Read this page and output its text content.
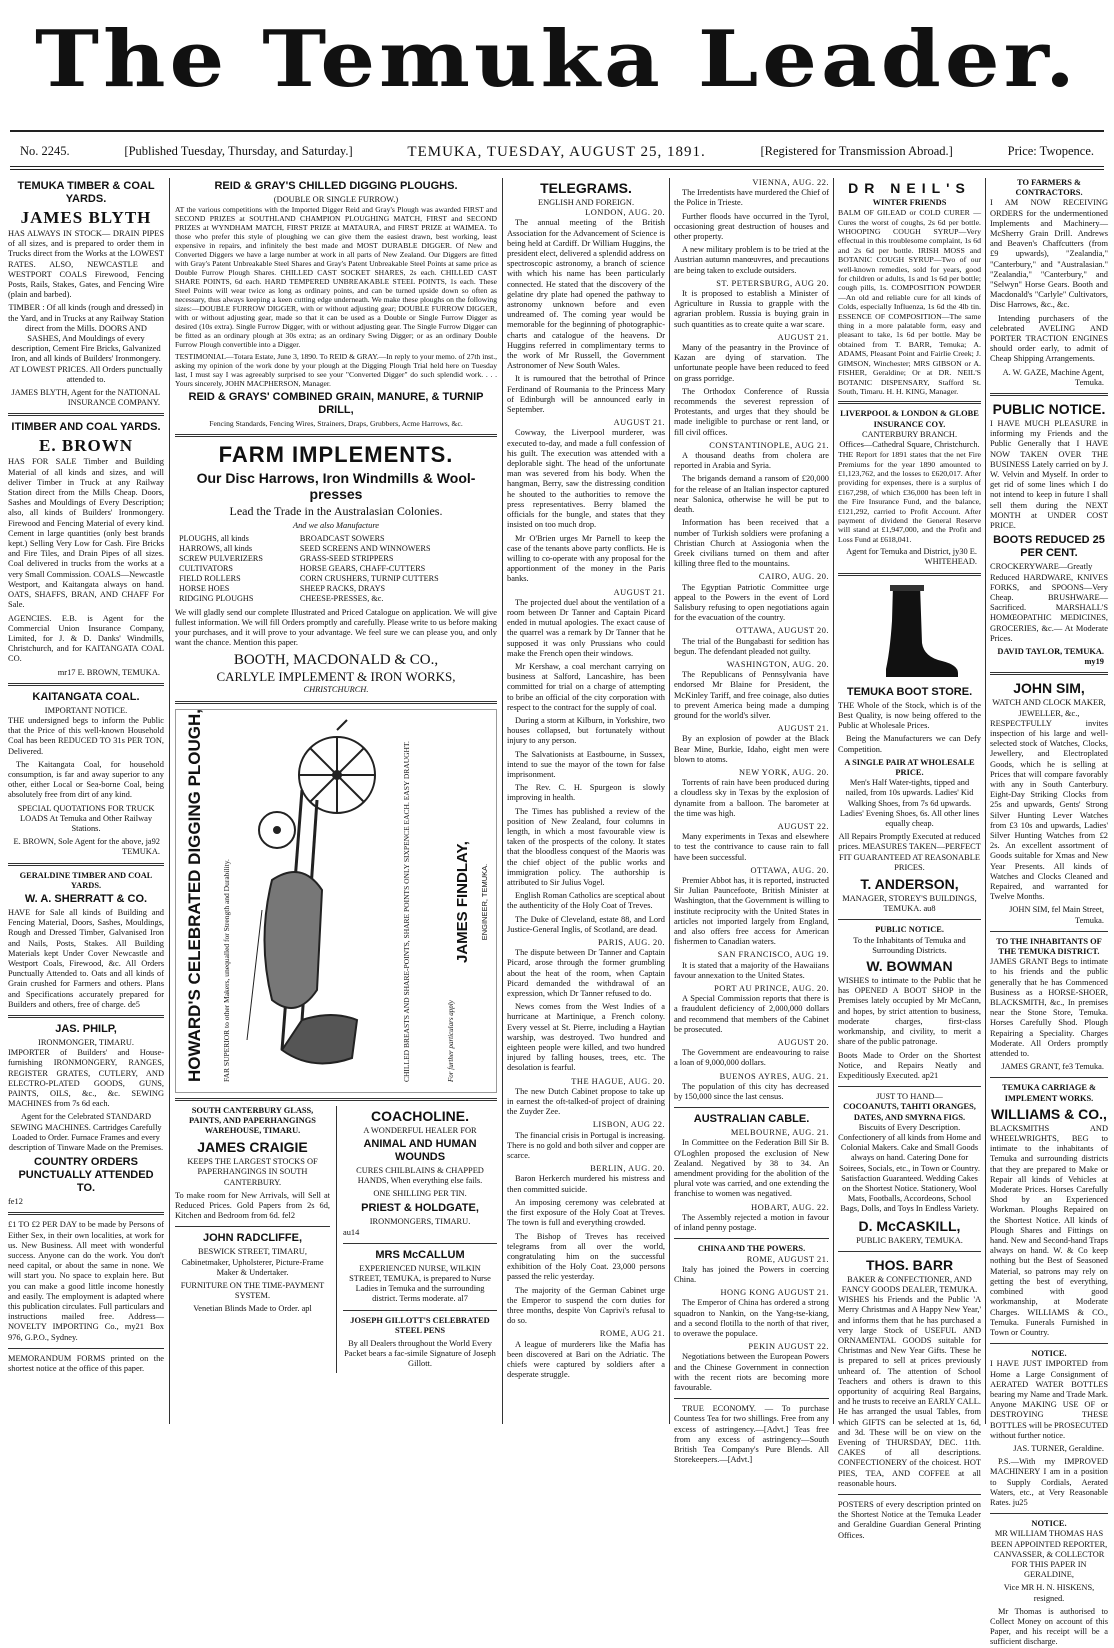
The Temuka Leader.
No. 2245.	[Published Tuesday, Thursday, and Saturday.]	TEMUKA, TUESDAY, AUGUST 25, 1891.	[Registered for Transmission Abroad.]	Price: Twopence.
TEMUKA TIMBER & COAL YARDS.
JAMES BLYTH
HAS ALWAYS IN STOCK— DRAIN PIPES of all sizes, and is prepared to order them in Trucks direct from the Works at the LOWEST RATES. ALSO, NEWCASTLE and WESTPORT COALS Firewood, Fencing Posts, Rails, Stakes, Gates, and Fencing Wire (plain and barbed).
TIMBER : Of all kinds (rough and dressed) in the Yard, and in Trucks at any Railway Station direct from the Mills. DOORS AND SASHES, And Mouldings of every description, Cement Fire Bricks, Galvanized Iron, and all kinds of Builders' Ironmongery. AT LOWEST PRICES. All Orders punctually attended to.
JAMES BLYTH, Agent for the NATIONAL INSURANCE COMPANY.
ITIMBER AND COAL YARDS.
E. BROWN
HAS FOR SALE Timber and Building Material of all kinds and sizes, and will deliver Timber in Truck at any Railway Station direct from the Mills Cheap. Doors, Sashes and Mouldings of Every Description; also, all kinds of Builders' Ironmongery. Firewood and Fencing Material of every kind. Cement in large quantities (only best brands kept.) Selling Very Low for Cash. Fire Bricks and Fire Tiles, and Drain Pipes of all sizes. Coal delivered in trucks from the works at a very Small Commission. COALS—Newcastle Westport, and Kaitangata always on hand. OATS, SHAFFS, BRAN, AND CHAFF For Sale.
AGENCIES. E.B. is Agent for the Commercial Union Insurance Company, Limited, for J. & D. Danks' Windmills, Christchurch, and for KAITANGATA COAL CO.
mr17 E. BROWN, TEMUKA.
KAITANGATA COAL.
IMPORTANT NOTICE.
THE undersigned begs to inform the Public that the Price of this well-known Household Coal has been REDUCED TO 31s PER TON, Delivered.
The Kaitangata Coal, for household consumption, is far and away superior to any other, either Local or Sea-borne Coal, being absolutely free from dirt of any kind.
SPECIAL QUOTATIONS FOR TRUCK LOADS At Temuka and Other Railway Stations.
E. BROWN, Sole Agent for the above, ja92 TEMUKA.
GERALDINE TIMBER AND COAL YARDS.
W. A. SHERRATT & CO.
HAVE for Sale all kinds of Building and Fencing Material, Doors, Sashes, Mouldings, Rough and Dressed Timber, Galvanised Iron and Nails, Posts, Stakes. All Building Materials kept Under Cover Newcastle and Westport Coals, Firewood, &c. All Orders Punctually Attended to. Oats and all kinds of Grain crushed for Farmers and others. Plans and Specifications accurately prepared for Builders and others, free of charge. de5
JAS. PHILP,
IRONMONGER, TIMARU.
IMPORTER of Builders' and House-furnishing IRONMONGERY, RANGES, REGISTER GRATES, CUTLERY, AND ELECTRO-PLATED GOODS, GUNS, PAINTS, OILS, &c., &c. SEWING MACHINES from 7s 6d each.
Agent for the Celebrated STANDARD SEWING MACHINES. Cartridges Carefully Loaded to Order. Furnace Frames and every description of Tinware Made on the Premises.
COUNTRY ORDERS PUNCTUALLY ATTENDED TO.
fe12
£1 TO £2 PER DAY to be made by Persons of Either Sex, in their own localities, at work for us. New Business. All meet with wonderful success. Anyone can do the work. You don't need capital, or about the same in none. We will start you. No space to explain here. But you can make a good little income honestly and easily. The employment is adapted where this publication circulates. Full particulars and instructions mailed free. Address—NOVELTY IMPORTING Co., my21 Box 976, G.P.O., Sydney.
MEMORANDUM FORMS printed on the shortest notice at the office of this paper.
REID & GRAY'S CHILLED DIGGING PLOUGHS.
(DOUBLE OR SINGLE FURROW.)
AT the various competitions with the Imported Digger Reid and Gray's Plough was awarded FIRST and SECOND PRIZES at SOUTHLAND CHAMPION PLOUGHING MATCH, FIRST and SECOND PRIZES at WYNDHAM MATCH, FIRST PRIZE at MATAURA, and FIRST PRIZE at WAIMEA. To those who prefer this style of ploughing we can give them the easiest drawn, best working, least expensive in repairs, and infinitely the best made and MOST DURABLE DIGGER. Of New and Converted Diggers we have a large number at work in all parts of New Zealand. Our Diggers are fitted with Gray's Patent Unbreakable Steel Shares and Gray's Patent Unbreakable Steel Points at same price as Double Furrow Plough Shares. CHILLED CAST SOCKET SHARES, 2s each. CHILLED CAST SHARE POINTS, 6d each. HARD TEMPERED UNBREAKABLE STEEL POINTS, 1s each. These Steel Points will wear twice as long as ordinary points, and can be turned upside down so often as necessary, thus always keeping a keen cutting edge underneath. We make these ploughs on the following sizes:—DOUBLE FURROW DIGGER, with or without adjusting gear; DOUBLE FURROW DIGGER, with or without adjusting gear, made so that it can be used as a Double or Single Furrow Digger as desired (10s extra). Single Furrow Digger, with or without adjusting gear. The Single Furrow Digger can be fitted as an ordinary plough at 30s extra; as an ordinary Swing Digger; or as an ordinary Double Furrow Plough convertible into a Digger.
TESTIMONIAL—Totara Estate, June 3, 1890. To REID & GRAY.—In reply to your memo. of 27th inst., asking my opinion of the work done by your plough at the Digging Plough Trial held here on Tuesday last, I must say I was agreeably surprised to see your "Converted Digger" do such splendid work. . . . Yours sincerely, JOHN MACPHERSON, Manager.
REID & GRAYS' COMBINED GRAIN, MANURE, & TURNIP DRILL,
Fencing Standards, Fencing Wires, Strainers, Draps, Grubbers, Acme Harrows, &c.
FARM IMPLEMENTS.
Our Disc Harrows, Iron Windmills & Wool-presses
Lead the Trade in the Australasian Colonies.
And we also Manufacture
PLOUGHS, all kinds
HARROWS, all kinds
SCREW PULVERIZERS
CULTIVATORS
FIELD ROLLERS
HORSE HOES
RIDGING PLOUGHS

BROADCAST SOWERS
SEED SCREENS AND WINNOWERS
GRASS-SEED STRIPPERS
HORSE GEARS, CHAFF-CUTTERS
CORN CRUSHERS, TURNIP CUTTERS
SHEEP RACKS, DRAYS
CHEESE-PRESSES, &c.
We will gladly send our complete Illustrated and Priced Catalogue on application. We will give fullest information. We will fill Orders promptly and carefully. Please write to us before making your purchases, and it will prove to your advantage. We feel sure we can please you, and only want the chance. Mention this paper.
BOOTH, MACDONALD & CO.,
CARLYLE IMPLEMENT & IRON WORKS,
CHRISTCHURCH.
HOWARD'S CELEBRATED DIGGING PLOUGH, FAR SUPERIOR to other Makers, unequalled for Strength and Durability.	CHILLED BREASTS AND SHARE-POINTS, SHARE POINTS ONLY SIXPENCE EACH. EASY DRAUGHT.	For further particulars apply
JAMES FINDLAY, ENGINEER, TEMUKA.
SOUTH CANTERBURY GLASS, PAINTS, AND PAPERHANGINGS WAREHOUSE, TIMARU.
JAMES CRAIGIE
KEEPS THE LARGEST STOCKS OF PAPERHANGINGS IN SOUTH CANTERBURY.
To make room for New Arrivals, will Sell at Reduced Prices. Gold Papers from 2s 6d, Kitchen and Bedroom from 6d. fel2
JOHN RADCLIFFE,
BESWICK STREET, TIMARU,
Cabinetmaker, Upholsterer, Picture-Frame Maker & Undertaker.
FURNITURE ON THE TIME-PAYMENT SYSTEM.
Venetian Blinds Made to Order. apl
COACHOLINE.
A WONDERFUL HEALER FOR
ANIMAL AND HUMAN WOUNDS
CURES CHILBLAINS & CHAPPED HANDS, When everything else fails.
ONE SHILLING PER TIN.
PRIEST & HOLDGATE,
IRONMONGERS, TIMARU.
au14
MRS McCALLUM
EXPERIENCED NURSE, WILKIN STREET, TEMUKA, is prepared to Nurse Ladies in Temuka and the surrounding district. Terms moderate. al7
JOSEPH GILLOTT'S CELEBRATED STEEL PENS
By all Dealers throughout the World Every Packet bears a fac-simile Signature of Joseph Gillott.
TELEGRAMS.
ENGLISH AND FOREIGN.
LONDON, AUG. 20.
The annual meeting of the British Association for the Advancement of Science is being held at Cardiff. Dr William Huggins, the president elect, delivered a splendid address on spectroscopic astronomy, a branch of science with which his name has been particularly connected. He stated that the discovery of the gelatine dry plate had opened the pathway to astronomy unknown before and even undreamed of. The coming year would be memorable for the beginning of photographic-charts and catalogue of the heavens. Dr Huggins referred in complimentary terms to the work of Mr Russell, the Government Astronomer of New South Wales.
It is rumoured that the betrothal of Prince Ferdinand of Roumania to the Princess Mary of Edinburgh will be announced early in September.
AUGUST 21.
Cowway, the Liverpool murderer, was executed to-day, and made a full confession of his guilt. The execution was attended with a deplorable sight. The head of the unfortunate man was severed from his body. When the hangman, Berry, saw the distressing condition he shouted to the authorities to remove the press representatives. Berry blamed the officials for the bungle, and states that they insisted on too much drop.
Mr O'Brien urges Mr Parnell to keep the case of the tenants above party conflicts. He is willing to co-operate with any proposal for the apportionment of the money in the Paris banks.
AUGUST 21.
The projected duel about the ventilation of a room between Dr Tanner and Captain Picard ended in mutual apologies. The exact cause of the quarrel was a remark by Dr Tanner that he supposed it was only Prussians who could make the French open their windows.
Mr Kershaw, a coal merchant carrying on business at Salford, Lancashire, has been committed for trial on a charge of attempting to bribe an official of the city corporation with respect to the contract for the supply of coal.
During a storm at Kilburn, in Yorkshire, two houses collapsed, but fortunately without injury to any person.
The Salvationists at Eastbourne, in Sussex, intend to sue the mayor of the town for false imprisonment.
The Rev. C. H. Spurgeon is slowly improving in health.
The Times has published a review of the position of New Zealand, four columns in length, in which a most favourable view is taken of the prospects of the colony. It states that the bloodless conquest of the Maoris was the chief object of the public works and immigration policy. The authorship is attributed to Sir Julius Vogel.
English Roman Catholics are sceptical about the authenticity of the Holy Coat of Treves.
The Duke of Cleveland, estate 88, and Lord Justice-General Inglis, of Scotland, are dead.
PARIS, AUG. 20.
The dispute between Dr Tanner and Captain Picard, arose through the former grumbling about the heat of the room, when Captain Picard demanded the withdrawal of an expression, which Dr Tanner refused to do.
News comes from the West Indies of a hurricane at Martinique, a French colony. Every vessel at St. Pierre, including a Haytian warship, was destroyed. Two hundred and eighteen people were killed, and two hundred injured by falling houses, trees, etc. The desolation is fearful.
THE HAGUE, AUG. 20.
The new Dutch Cabinet propose to take up in earnest the oft-talked-of project of draining the Zuyder Zee.
LISBON, AUG 22.
The financial crisis in Portugal is increasing. There is no gold and both silver and copper are scarce.
BERLIN, AUG. 20.
Baron Herkerch murdered his mistress and then committed suicide.
An imposing ceremony was celebrated at the first exposure of the Holy Coat at Treves. The town is full and everything crowded.
The Bishop of Treves has received telegrams from all over the world, congratulating him on the successful exhibition of the Holy Coat. 23,000 persons passed the relic yesterday.
The majority of the German Cabinet urge the Emperor to suspend the corn duties for three months, despite Von Caprivi's refusal to do so.
ROME, AUG 21.
A league of murderers like the Mafia has been discovered at Bari on the Adriatic. The chiefs were captured by soldiers after a desperate struggle.
VIENNA, AUG. 22.
The Irredentists have murdered the Chief of the Police in Trieste.
Further floods have occurred in the Tyrol, occasioning great destruction of houses and other property.
A new military problem is to be tried at the Austrian autumn manœuvres, and precautions are being taken to exclude outsiders.
ST. PETERSBURG, AUG 20.
It is proposed to establish a Minister of Agriculture in Russia to grapple with the agrarian problem. Russia is buying grain in such quantities as to create quite a war scare.
AUGUST 21.
Many of the peasantry in the Province of Kazan are dying of starvation. The unfortunate people have been reduced to feed on grass porridge.
The Orthodox Conference of Russia recommends the severest repression of Protestants, and urges that they should be made ineligible to purchase or rent land, or fill civil offices.
CONSTANTINOPLE, AUG 21.
A thousand deaths from cholera are reported in Arabia and Syria.
The brigands demand a ransom of £20,000 for the release of an Italian inspector captured near Salonica, otherwise he will be put to death.
Information has been received that a number of Turkish soldiers were profaning a Christian Church at Assiogonia when the Greek civilians turned on them and after killing three fled to the mountains.
CAIRO, AUG. 20.
The Egyptian Patriotic Committee urge appeal to the Powers in the event of Lord Salisbury refusing to open negotiations again for the evacuation of the country.
OTTAWA, AUGUST 20.
The trial of the Bungabasti for sedition has begun. The defendant pleaded not guilty.
WASHINGTON, AUG. 20.
The Republicans of Pennsylvania have endorsed Mr Blaine for President, the McKinley Tariff, and free coinage, also duties to prevent America being made a dumping ground for the world's silver.
AUGUST 21.
By an explosion of powder at the Black Bear Mine, Burkie, Idaho, eight men were blown to atoms.
NEW YORK, AUG. 20.
Torrents of rain have been produced during a cloudless sky in Texas by the explosion of dynamite from a balloon. The barometer at the time was high.
AUGUST 22.
Many experiments in Texas and elsewhere to test the contrivance to cause rain to fall have been successful.
OTTAWA, AUG. 20.
Premier Abbot has, it is reported, instructed Sir Julian Pauncefoote, British Minister at Washington, that the Government is willing to institute reciprocity with the United States in articles not imported largely from England, and also offers free access for American fishermen to Canadian waters.
SAN FRANCISCO, AUG 19.
It is stated that a majority of the Hawaiians favour annexation to the United States.
PORT AU PRINCE, AUG. 20.
A Special Commission reports that there is a fraudulent deficiency of 2,000,000 dollars and recommend that members of the Cabinet be prosecuted.
AUGUST 20.
The Government are endeavouring to raise a loan of 9,000,000 dollars.
BUENOS AYRES, AUG. 21.
The population of this city has decreased by 150,000 since the last census.
AUSTRALIAN CABLE.
MELBOURNE, AUG. 21.
In Committee on the Federation Bill Sir B. O'Loghlen proposed the exclusion of New Zealand. Negatived by 38 to 34. An amendment providing for the abolition of the plural vote was carried, and one extending the franchise to women was negatived.
HOBART, AUG. 22.
The Assembly rejected a motion in favour of inland penny postage.
CHINA AND THE POWERS.
ROME, AUGUST 21.
Italy has joined the Powers in coercing China.
HONG KONG AUGUST 21.
The Emperor of China has ordered a strong squadron to Nankin, on the Yang-tse-kiang, and a second flotilla to the north of that river, to overawe the populace.
PEKIN AUGUST 22.
Negotiations between the European Powers and the Chinese Government in connection with the recent riots are becoming more favourable.
TRUE ECONOMY. — To purchase Countess Tea for two shillings. Free from any excess of astringency.—[Advt.] Teas free from any excess of astringency—South British Tea Company's Pure Blends. All Storekeepers.—[Advt.]
DR NEIL'S
WINTER FRIENDS
BALM OF GILEAD or COLD CURER —Cures the worst of coughs, 2s 6d per bottle. WHOOPING COUGH SYRUP—Very effectual in this troublesome complaint, 1s 6d and 2s 6d per bottle. IRISH MOSS and BOTANIC COUGH SYRUP—Two of our well-known remedies, sold for years, good for children or adults, 1s and 1s 6d per bottle; cough pills, 1s. COMPOSITION POWDER—An old and reliable cure for all kinds of Colds, especially Influenza, 1s 6d the 4lb tin. ESSENCE OF COMPOSITION—The same thing in a more palatable form, easy and pleasant to take, 1s 6d per bottle. May be obtained from T. BARR, Temuka; A. ADAMS, Pleasant Point and Fairlie Creek; J. GIMSON, Winchester; MRS GIBSON or A. FISHER, Geraldine; Or at DR. NEIL'S BOTANIC DISPENSARY, Stafford St. South, Timaru. H. H. KING, Manager.
LIVERPOOL & LONDON & GLOBE INSURANCE COY.
CANTERBURY BRANCH.
Offices—Cathedral Square, Christchurch.
THE Report for 1891 states that the net Fire Premiums for the year 1890 amounted to £1,123,762, and the losses to £620,017. After providing for expenses, there is a surplus of £167,298, of which £36,000 has been left in the Fire Insurance Fund, and the balance, £121,292, carried to Profit Account. After payment of dividend the General Reserve will stand at £1,947,000, and the Profit and Loss Fund at £618,041.
Agent for Temuka and District, jy30 E. WHITEHEAD.
TEMUKA BOOT STORE.
THE Whole of the Stock, which is of the Best Quality, is now being offered to the Public at Wholesale Prices.
Being the Manufacturers we can Defy Competition.
A SINGLE PAIR AT WHOLESALE PRICE.
Men's Half Water-tights, tipped and nailed, from 10s upwards. Ladies' Kid Walking Shoes, from 7s 6d upwards. Ladies' Evening Shoes, 6s. All other lines equally cheap.
All Repairs Promptly Executed at reduced prices. MEASURES TAKEN—PERFECT FIT GUARANTEED AT REASONABLE PRICES.
T. ANDERSON,
MANAGER, STOREY'S BUILDINGS, TEMUKA. au8
PUBLIC NOTICE.
To the Inhabitants of Temuka and Surrounding Districts.
W. BOWMAN
WISHES to intimate to the Public that he has OPENED A BOOT SHOP in the Premises lately occupied by Mr McCann, and hopes, by strict attention to business, moderate charges, first-class workmanship, and civility, to merit a share of the public patronage.
Boots Made to Order on the Shortest Notice, and Repairs Neatly and Expeditiously Executed. ap21
JUST TO HAND—
COCOANUTS, TAHITI ORANGES, DATES, AND SMYRNA FIGS.
Biscuits of Every Description. Confectionery of all kinds from Home and Colonial Makers. Cake and Small Goods always on hand. Catering Done for Soirees, Socials, etc., in Town or Country. Satisfaction Guaranteed. Wedding Cakes on the Shortest Notice. Stationery, Wool Mats, Footballs, Accordeons, School Bags, Dolls, and Toys In Endless Variety.
D. McCASKILL,
PUBLIC BAKERY, TEMUKA.
THOS. BARR
BAKER & CONFECTIONER, AND FANCY GOODS DEALER, TEMUKA.
WISHES his Friends and the Public 'A Merry Christmas and A Happy New Year,' and informs them that he has purchased a very large Stock of USEFUL AND ORNAMENTAL GOODS suitable for Christmas and New Year Gifts. These he is prepared to sell at prices previously unheard of. The attention of School Teachers and others is drawn to this opportunity of acquiring Real Bargains, and he trusts to receive an EARLY CALL. He has arranged the usual Tables, from which GIFTS can be selected at 1s, 6d, and 3d. These will be on view on the Evening of THURSDAY, DEC. 11th. CAKES of all descriptions. CONFECTIONERY of the choicest. HOT PIES, TEA, AND COFFEE at all reasonable hours.
POSTERS of every description printed on the Shortest Notice at the Temuka Leader and Geraldine Guardian General Printing Offices.
TO FARMERS & CONTRACTORS.
I AM NOW RECEIVING ORDERS for the undermentioned Implements and Machinery— McSherry Grain Drill. Andrews and Beaven's Chaffcutters (from £9 upwards), "Zealandia," "Canterbury," and "Australasian." "Zealandia," "Canterbury," and "Selwyn" Horse Gears. Booth and Macdonald's "Carlyle" Cultivators, Disc Harrows, &c., &c.
Intending purchasers of the celebrated AVELING AND PORTER TRACTION ENGINES should order early, to admit of Cheap Shipping Arrangements.
A. W. GAZE, Machine Agent, Temuka.
PUBLIC NOTICE.
I HAVE MUCH PLEASURE in informing my Friends and the Public Generally that I HAVE NOW TAKEN OVER THE BUSINESS Lately carried on by J. W. Velvin and Myself. In order to get rid of some lines which I do not intend to keep in future I shall sell them during the NEXT MONTH at UNDER COST PRICE.
BOOTS REDUCED 25 PER CENT.
CROCKERYWARE—Greatly Reduced HARDWARE, KNIVES FORKS, and SPOONS—Very Cheap. BRUSHWARE—Sacrificed. MARSHALL'S HOMŒOPATHIC MEDICINES, GROCERIES, &c.— At Moderate Prices.
DAVID TAYLOR, TEMUKA. my19
JOHN SIM,
WATCH AND CLOCK MAKER, JEWELLER, &c.,
RESPECTFULLY invites inspection of his large and well-selected stock of Watches, Clocks, Jewellery, and Electroplated Goods, which he is selling at Prices that will compare favorably with any in South Canterbury. Eight-Day Striking Clocks from 25s and upwards, Gents' Strong Silver Hunting Lever Watches from £3 10s and upwards, Ladies' Silver Hunting Watches from £2 2s. An excellent assortment of Goods suitable for Xmas and New Year Presents. All kinds of Watches and Clocks Cleaned and Repaired, and warranted for Twelve Months.
JOHN SIM, fel Main Street, Temuka.
TO THE INHABITANTS OF THE TEMUKA DISTRICT.
JAMES GRANT Begs to intimate to his friends and the public generally that he has Commenced Business as a HORSE-SHOER, BLACKSMITH, &c., In premises near the Stone Store, Temuka. Horses Carefully Shod. Plough Repairing a Speciality. Charges Moderate. All Orders promptly attended to.
JAMES GRANT, fe3 Temuka.
TEMUKA CARRIAGE & IMPLEMENT WORKS.
WILLIAMS & CO.,
BLACKSMITHS AND WHEELWRIGHTS, BEG to intimate to the inhabitants of Temuka and surrounding districts that they are prepared to Make or Repair all kinds of Vehicles at Moderate Prices. Horses Carefully Shod by an Experienced Workman. Ploughs Repaired on the Shortest Notice. All kinds of Plough Shares and Fittings on hand. New and Second-hand Traps always on hand. W. & Co keep nothing but the Best of Seasoned Material, so patrons may rely on getting the best of everything, combined with good workmanship, at Moderate Charges. WILLIAMS & CO., Temuka. Funerals Furnished in Town or Country.
NOTICE.
I HAVE JUST IMPORTED from Home a Large Consignment of AERATED WATER BOTTLES bearing my Name and Trade Mark. Anyone MAKING USE OF or DESTROYING THESE BOTTLES will be PROSECUTED without further notice.
JAS. TURNER, Geraldine.
P.S.—With my IMPROVED MACHINERY I am in a position to Supply Cordials, Aerated Waters, etc., at Very Reasonable Rates. ju25
NOTICE.
MR WILLIAM THOMAS HAS BEEN APPOINTED REPORTER, CANVASSER, & COLLECTOR FOR THIS PAPER IN GERALDINE,
Vice MR H. N. HISKENS, resigned.
Mr Thomas is authorised to Collect Money on account of this Paper, and his receipt will be a sufficient discharge.
